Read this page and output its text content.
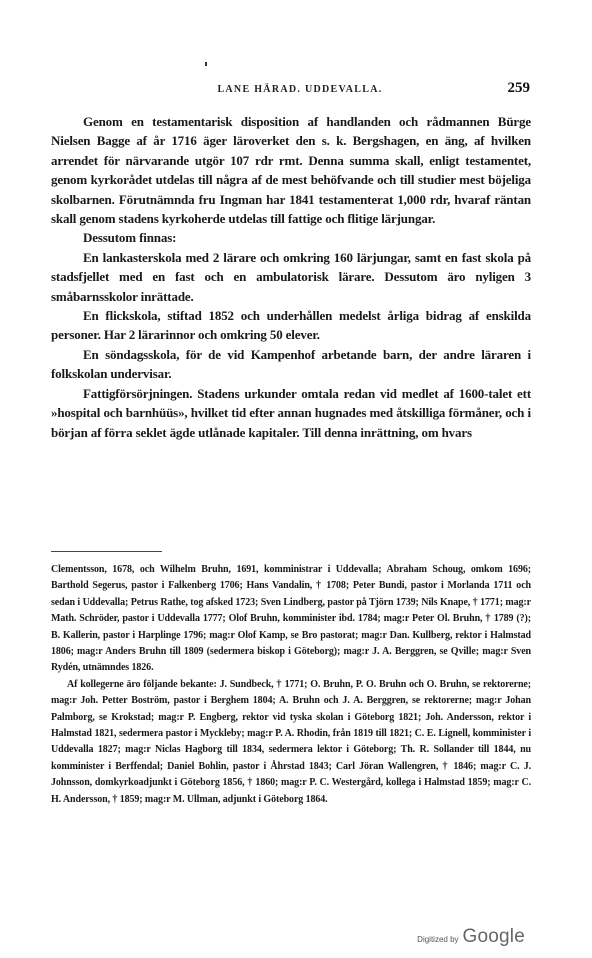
LANE HÄRAD. UDDEVALLA.	259

Genom en testamentarisk disposition af handlanden och rådmannen Bürge Nielsen Bagge af år 1716 äger läroverket den s. k. Bergshagen, en äng, af hvilken arrendet för närvarande utgör 107 rdr rmt. Denna summa skall, enligt testamentet, genom kyrkorådet utdelas till några af de mest behöfvande och till studier mest böjeliga skolbarnen. Förutnämnda fru Ingman har 1841 testamenterat 1,000 rdr, hvaraf räntan skall genom stadens kyrkoherde utdelas till fattige och flitige lärjungar.

Dessutom finnas:

En lankasterskola med 2 lärare och omkring 160 lärjungar, samt en fast skola på stadsfjellet med en fast och en ambulatorisk lärare. Dessutom äro nyligen 3 småbarnsskolor inrättade.

En flickskola, stiftad 1852 och underhållen medelst årliga bidrag af enskilda personer. Har 2 lärarinnor och omkring 50 elever.

En söndagsskola, för de vid Kampenhof arbetande barn, der andre läraren i folkskolan undervisar.

Fattigförsörjningen. Stadens urkunder omtala redan vid medlet af 1600-talet ett »hospital och barnhüüs», hvilket tid efter annan hugnades med åtskilliga förmåner, och i början af förra seklet ägde utlånade kapitaler. Till denna inrättning, om hvars

Clementsson, 1678, och Wilhelm Bruhn, 1691, komministrar i Uddevalla; Abraham Schoug, omkom 1696; Barthold Segerus, pastor i Falkenberg 1706; Hans Vandalin, † 1708; Peter Bundi, pastor i Morlanda 1711 och sedan i Uddevalla; Petrus Rathe, tog afsked 1723; Sven Lindberg, pastor på Tjörn 1739; Nils Knape, † 1771; mag:r Math. Schröder, pastor i Uddevalla 1777; Olof Bruhn, komminister ibd. 1784; mag:r Peter Ol. Bruhn, † 1789 (?); B. Kallerin, pastor i Harplinge 1796; mag:r Olof Kamp, se Bro pastorat; mag:r Dan. Kullberg, rektor i Halmstad 1806; mag:r Anders Bruhn till 1809 (sedermera biskop i Göteborg); mag:r J. A. Berggren, se Qville; mag:r Sven Rydén, utnämndes 1826.

Af kollegerne äro följande bekante: J. Sundbeck, † 1771; O. Bruhn, P. O. Bruhn och O. Bruhn, se rektorerne; mag:r Joh. Petter Boström, pastor i Berghem 1804; A. Bruhn och J. A. Berggren, se rektorerne; mag:r Johan Palmborg, se Krokstad; mag:r P. Engberg, rektor vid tyska skolan i Göteborg 1821; Joh. Andersson, rektor i Halmstad 1821, sedermera pastor i Myckleby; mag:r P. A. Rhodin, från 1819 till 1821; C. E. Lignell, komminister i Uddevalla 1827; mag:r Niclas Hagborg till 1834, sedermera lektor i Göteborg; Th. R. Sollander till 1844, nu komminister i Berffendal; Daniel Bohlin, pastor i Åhrstad 1843; Carl Jöran Wallengren, † 1846; mag:r C. J. Johnsson, domkyrkoadjunkt i Göteborg 1856, † 1860; mag:r P. C. Westergård, kollega i Halmstad 1859; mag:r C. H. Andersson, † 1859; mag:r M. Ullman, adjunkt i Göteborg 1864.

Digitized by Google
